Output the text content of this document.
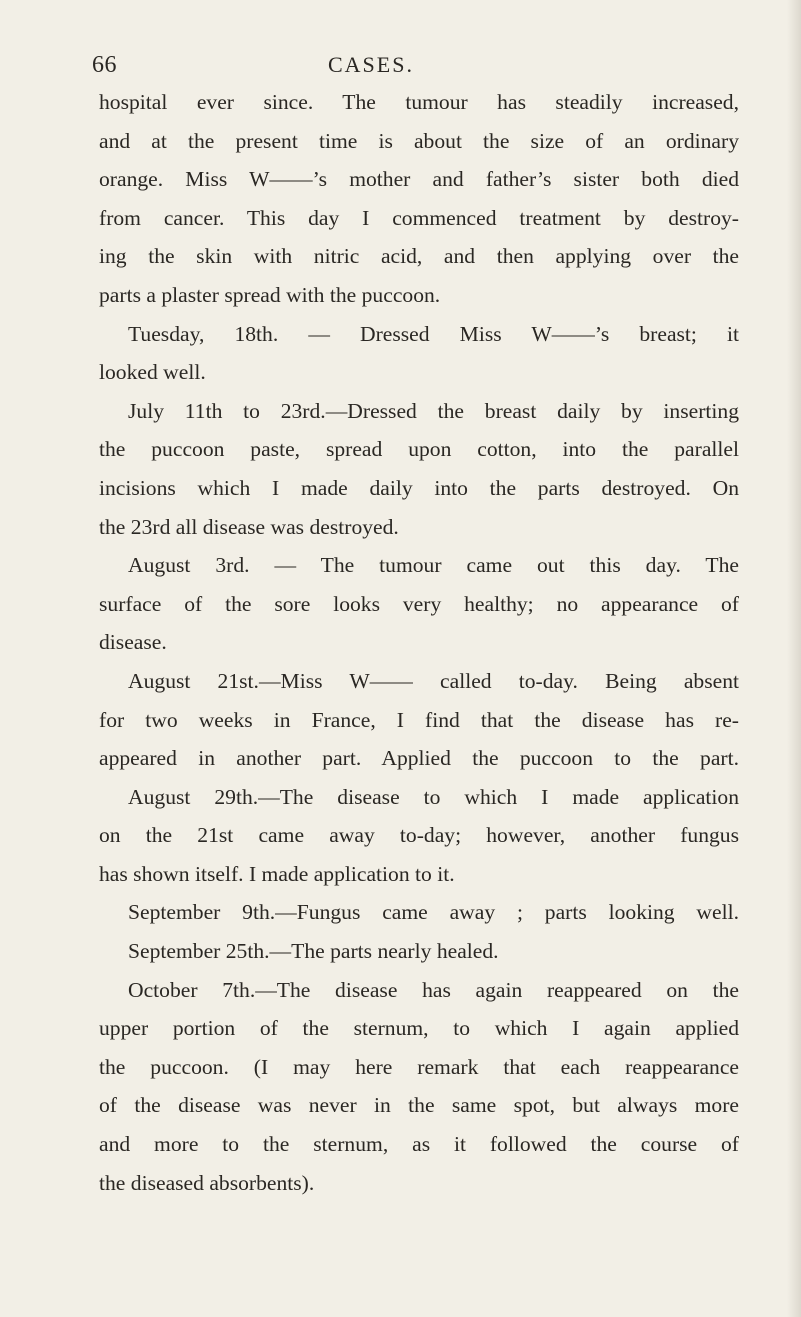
66	CASES.
hospital ever since. The tumour has steadily increased,
and at the present time is about the size of an ordinary
orange. Miss W——’s mother and father’s sister both died
from cancer. This day I commenced treatment by destroy-
ing the skin with nitric acid, and then applying over the
parts a plaster spread with the puccoon.
Tuesday, 18th. — Dressed Miss W——’s breast; it
looked well.
July 11th to 23rd.—Dressed the breast daily by inserting
the puccoon paste, spread upon cotton, into the parallel
incisions which I made daily into the parts destroyed. On
the 23rd all disease was destroyed.
August 3rd. — The tumour came out this day. The
surface of the sore looks very healthy; no appearance of
disease.
August 21st.—Miss W—— called to-day. Being absent
for two weeks in France, I find that the disease has re-
appeared in another part. Applied the puccoon to the part.
August 29th.—The disease to which I made application
on the 21st came away to-day; however, another fungus
has shown itself. I made application to it.
September 9th.—Fungus came away ; parts looking well.
September 25th.—The parts nearly healed.
October 7th.—The disease has again reappeared on the
upper portion of the sternum, to which I again applied
the puccoon. (I may here remark that each reappearance
of the disease was never in the same spot, but always more
and more to the sternum, as it followed the course of
the diseased absorbents).
